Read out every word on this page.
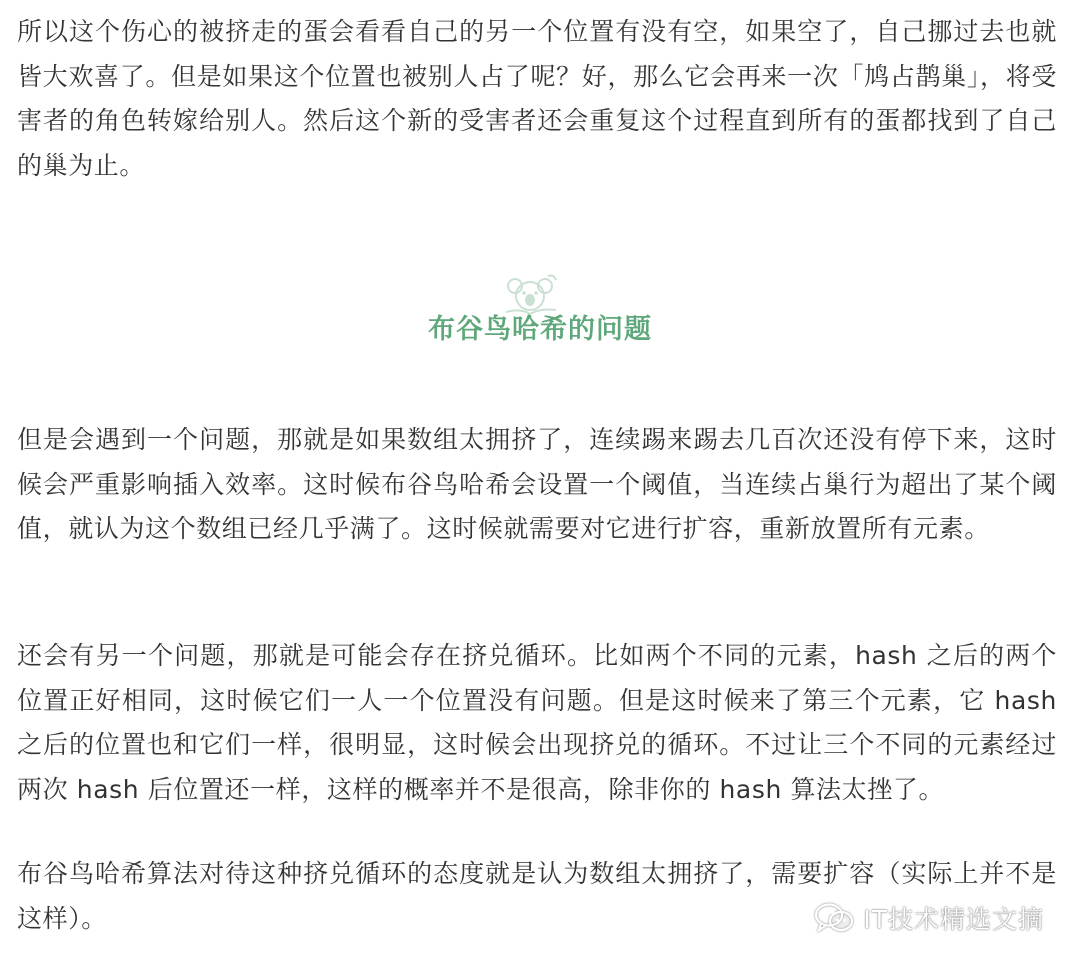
所以这个伤心的被挤走的蛋会看看自己的另一个位置有没有空，如果空了，自己挪过去也就皆大欢喜了。但是如果这个位置也被别人占了呢？好，那么它会再来一次「鸠占鹊巢」，将受害者的角色转嫁给别人。然后这个新的受害者还会重复这个过程直到所有的蛋都找到了自己的巢为止。

布谷鸟哈希的问题

但是会遇到一个问题，那就是如果数组太拥挤了，连续踢来踢去几百次还没有停下来，这时候会严重影响插入效率。这时候布谷鸟哈希会设置一个阈值，当连续占巢行为超出了某个阈值，就认为这个数组已经几乎满了。这时候就需要对它进行扩容，重新放置所有元素。

还会有另一个问题，那就是可能会存在挤兑循环。比如两个不同的元素，hash 之后的两个位置正好相同，这时候它们一人一个位置没有问题。但是这时候来了第三个元素，它 hash 之后的位置也和它们一样，很明显，这时候会出现挤兑的循环。不过让三个不同的元素经过两次 hash 后位置还一样，这样的概率并不是很高，除非你的 hash 算法太挫了。

布谷鸟哈希算法对待这种挤兑循环的态度就是认为数组太拥挤了，需要扩容（实际上并不是这样）。	IT技术精选文摘
